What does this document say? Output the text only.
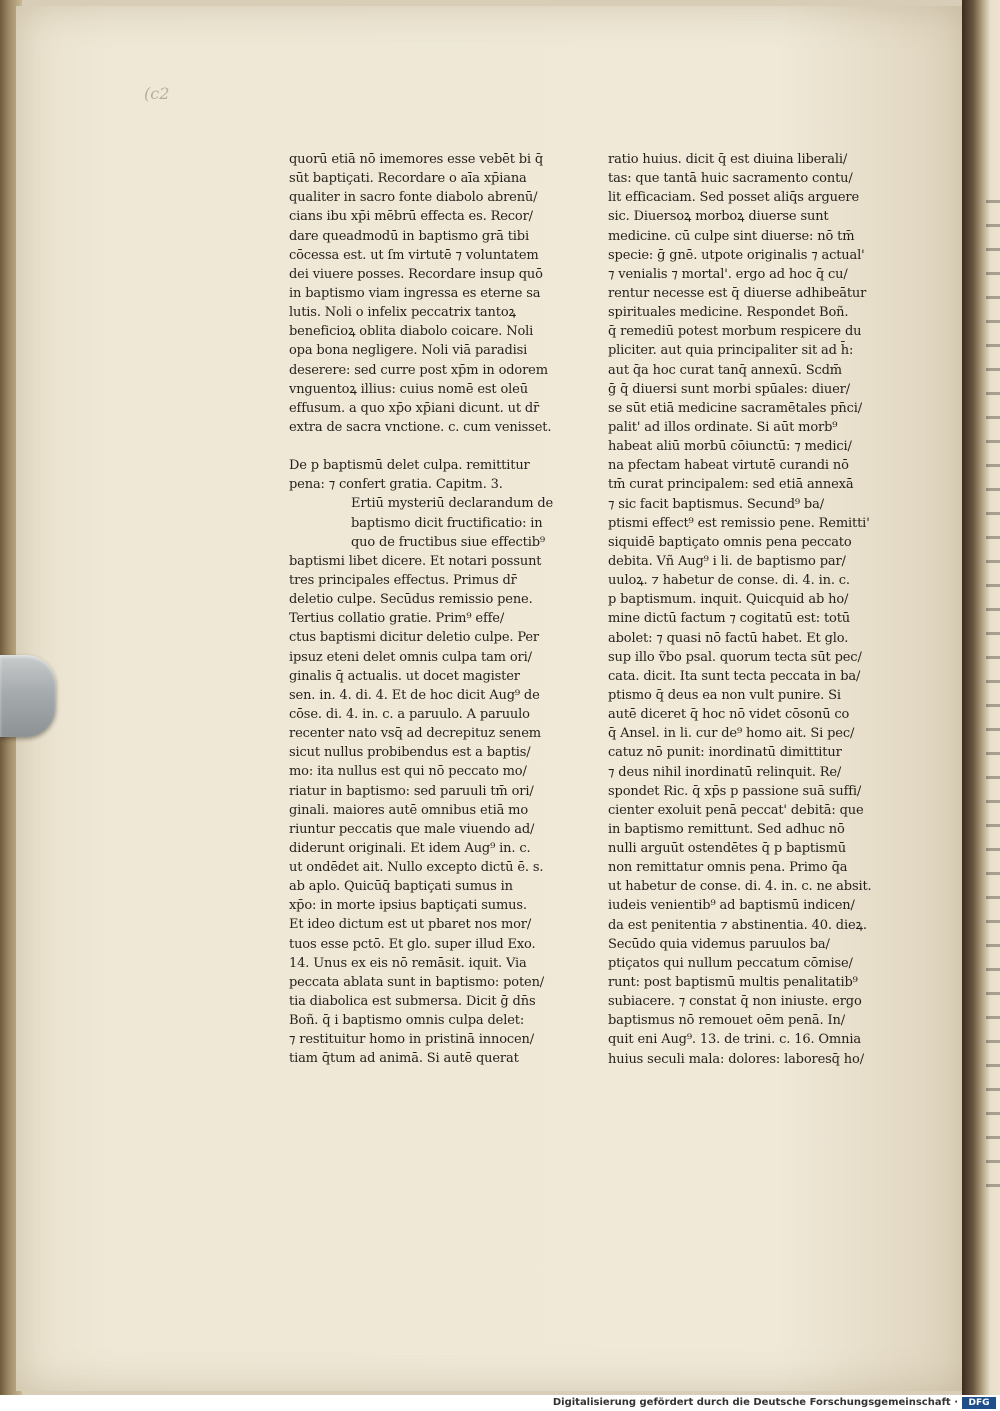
(c2
quorū etiā nō imemores esse vebēt bi q̄
sūt baptiçati. Recordare o aīa xp̄iana
qualiter in sacro fonte diabolo abrenū/
cians ibu xp̄i mēbrū effecta es. Recor/
dare queadmodū in baptismo grā tibi
cōcessa est. ut ſm virtutē ⁊ voluntatem
dei viuere posses. Recordare insup quō
in baptismo viam ingressa es eterne sa
lutis. Noli o infelix peccatrix tantoꝝ
beneficioꝝ oblita diabolo coicare. Noli
opa bona negligere. Noli viā paradisi
deserere: sed curre post xp̄m in odorem
vnguentoꝝ illius: cuius nomē est oleū
effusum. a quo xp̄o xp̄iani dicunt. ut dr̄
extra de sacra vnctione. c. cum venisset.
De p baptismū delet culpa. remittitur
pena: ⁊ confert gratia. Capitm. 3.
Ertiū mysteriū declarandum de
baptismo dicit fructificatio: in
quo de fructibus siue effectib⁹
baptismi libet dicere. Et notari possunt
tres principales effectus. Primus dr̄
deletio culpe. Secūdus remissio pene.
Tertius collatio gratie. Prim⁹ effe/
ctus baptismi dicitur deletio culpe. Per
ipsuz eteni delet omnis culpa tam ori/
ginalis q̄ actualis. ut docet magister
sen. in. 4. di. 4. Et de hoc dicit Aug⁹ de
cōse. di. 4. in. c. a paruulo. A paruulo
recenter nato vsq̄ ad decrepituz senem
sicut nullus probibendus est a baptis/
mo: ita nullus est qui nō peccato mo/
riatur in baptismo: sed paruuli tm̄ ori/
ginali. maiores autē omnibus etiā mo
riuntur peccatis que male viuendo ad/
diderunt originali. Et idem Aug⁹ in. c.
ut ondēdet ait. Nullo excepto dictū ē. s.
ab aplo. Quicūq̄ baptiçati sumus in
xp̄o: in morte ipsius baptiçati sumus.
Et ideo dictum est ut pbaret nos mor/
tuos esse pctō. Et glo. super illud Exo.
14. Unus ex eis nō remāsit. iquit. Via
peccata ablata sunt in baptismo: poten/
tia diabolica est submersa. Dicit ḡ dn̄s
Boñ. q̄ i baptismo omnis culpa delet:
⁊ restituitur homo in pristinā innocen/
tiam q̄tum ad animā. Si autē querat
ratio huius. dicit q̄ est diuina liberali/
tas: que tantā huic sacramento contu/
lit efficaciam. Sed posset aliq̄s arguere
sic. Diuersoꝝ morboꝝ diuerse sunt
medicine. cū culpe sint diuerse: nō tm̄
specie: ḡ gnē. utpote originalis ⁊ actual'
⁊ venialis ⁊ mortal'. ergo ad hoc q̄ cu/
rentur necesse est q̄ diuerse adhibeātur
spirituales medicine. Respondet Boñ.
q̄ remediū potest morbum respicere du
pliciter. aut quia principaliter sit ad h̄:
aut q̄a hoc curat tanq̄ annexū. Scdm̄
ḡ q̄ diuersi sunt morbi spūales: diuer/
se sūt etiā medicine sacramētales pn̄ci/
palit' ad illos ordinate. Si aūt morb⁹
habeat aliū morbū cōiunctū: ⁊ medici/
na pfectam habeat virtutē curandi nō
tm̄ curat principalem: sed etiā annexā
⁊ sic facit baptismus. Secund⁹ ba/
ptismi effect⁹ est remissio pene. Remitti'
siquidē baptiçato omnis pena peccato
debita. Vñ Aug⁹ i li. de baptismo par/
uuloꝝ. ⁊ habetur de conse. di. 4. in. c.
p baptismum. inquit. Quicquid ab ho/
mine dictū factum ⁊ cogitatū est: totū
abolet: ⁊ quasi nō factū habet. Et glo.
sup illo ṽbo psal. quorum tecta sūt pec/
cata. dicit. Ita sunt tecta peccata in ba/
ptismo q̄ deus ea non vult punire. Si
autē diceret q̄ hoc nō videt cōsonū co
q̄ Ansel. in li. cur de⁹ homo ait. Si pec/
catuz nō punit: inordinatū dimittitur
⁊ deus nihil inordinatū relinquit. Re/
spondet Ric. q̄ xp̄s p passione suā suffi/
cienter exoluit penā peccat' debitā: que
in baptismo remittunt. Sed adhuc nō
nulli arguūt ostendētes q̄ p baptismū
non remittatur omnis pena. Primo q̄a
ut habetur de conse. di. 4. in. c. ne absit.
iudeis venientib⁹ ad baptismū indicen/
da est penitentia ⁊ abstinentia. 40. dieꝝ.
Secūdo quia videmus paruulos ba/
ptiçatos qui nullum peccatum cōmise/
runt: post baptismū multis penalitatib⁹
subiacere. ⁊ constat q̄ non iniuste. ergo
baptismus nō remouet oēm penā. In/
quit eni Aug⁹. 13. de trini. c. 16. Omnia
huius seculi mala: dolores: laboresq̄ ho/
Digitalisierung gefördert durch die Deutsche Forschungsgemeinschaft ·	DFG
